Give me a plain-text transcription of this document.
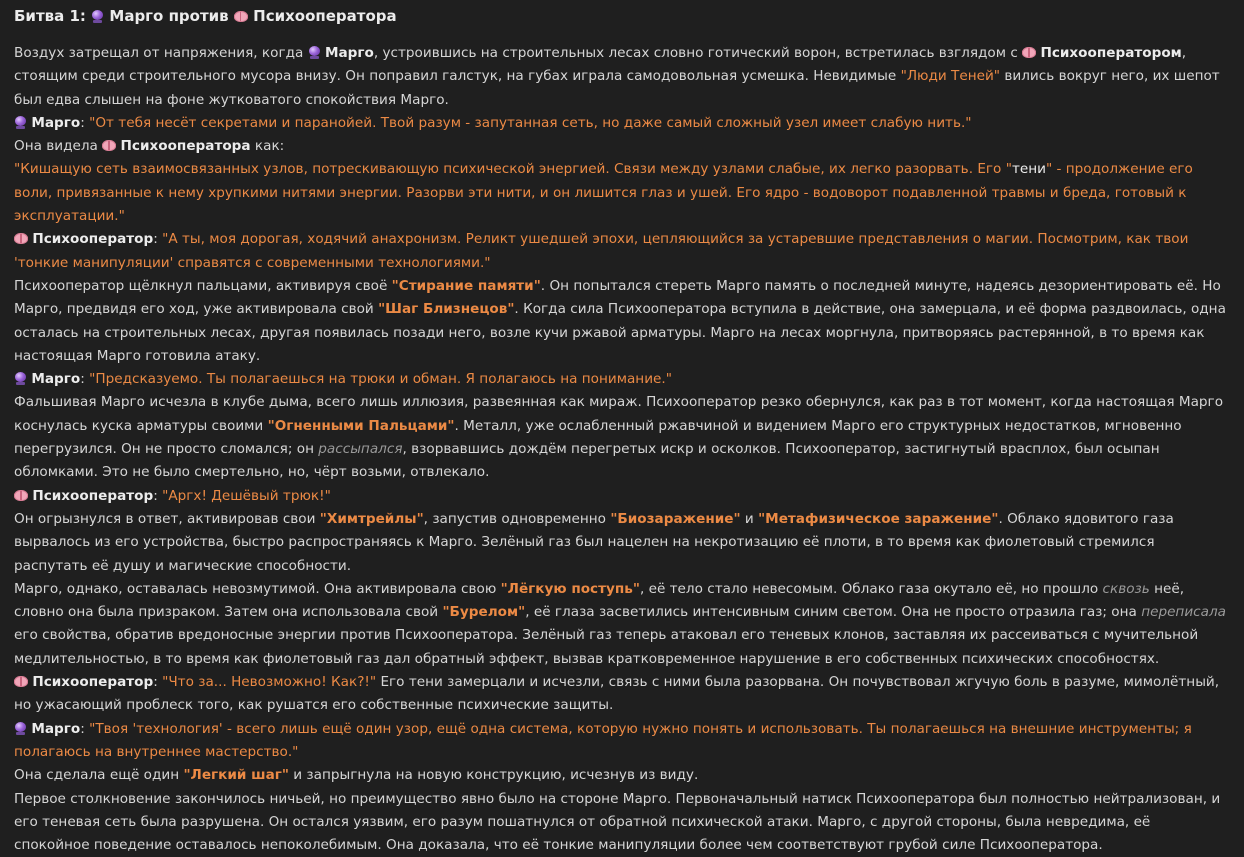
Битва 1: Марго против Психооператора

Воздух затрещал от напряжения, когда Марго, устроившись на строительных лесах словно готический ворон, встретилась взглядом с Психооператором, стоящим среди строительного мусора внизу. Он поправил галстук, на губах играла самодовольная усмешка. Невидимые "Люди Теней" вились вокруг него, их шепот был едва слышен на фоне жутковатого спокойствия Марго.

Марго: "От тебя несёт секретами и паранойей. Твой разум - запутанная сеть, но даже самый сложный узел имеет слабую нить."

Она видела Психооператора как:

"Кишащую сеть взаимосвязанных узлов, потрескивающую психической энергией. Связи между узлами слабые, их легко разорвать. Его "тени" - продолжение его воли, привязанные к нему хрупкими нитями энергии. Разорви эти нити, и он лишится глаз и ушей. Его ядро - водоворот подавленной травмы и бреда, готовый к эксплуатации."

Психооператор: "А ты, моя дорогая, ходячий анахронизм. Реликт ушедшей эпохи, цепляющийся за устаревшие представления о магии. Посмотрим, как твои 'тонкие манипуляции' справятся с современными технологиями."

Психооператор щёлкнул пальцами, активируя своё "Стирание памяти". Он попытался стереть Марго память о последней минуте, надеясь дезориентировать её. Но Марго, предвидя его ход, уже активировала свой "Шаг Близнецов". Когда сила Психооператора вступила в действие, она замерцала, и её форма раздвоилась, одна осталась на строительных лесах, другая появилась позади него, возле кучи ржавой арматуры. Марго на лесах моргнула, притворяясь растерянной, в то время как настоящая Марго готовила атаку.

Марго: "Предсказуемо. Ты полагаешься на трюки и обман. Я полагаюсь на понимание."

Фальшивая Марго исчезла в клубе дыма, всего лишь иллюзия, развеянная как мираж. Психооператор резко обернулся, как раз в тот момент, когда настоящая Марго коснулась куска арматуры своими "Огненными Пальцами". Металл, уже ослабленный ржавчиной и видением Марго его структурных недостатков, мгновенно перегрузился. Он не просто сломался; он рассыпался, взорвавшись дождём перегретых искр и осколков. Психооператор, застигнутый врасплох, был осыпан обломками. Это не было смертельно, но, чёрт возьми, отвлекало.

Психооператор: "Аргх! Дешёвый трюк!"

Он огрызнулся в ответ, активировав свои "Химтрейлы", запустив одновременно "Биозаражение" и "Метафизическое заражение". Облако ядовитого газа вырвалось из его устройства, быстро распространяясь к Марго. Зелёный газ был нацелен на некротизацию её плоти, в то время как фиолетовый стремился распутать её душу и магические способности.

Марго, однако, оставалась невозмутимой. Она активировала свою "Лёгкую поступь", её тело стало невесомым. Облако газа окутало её, но прошло сквозь неё, словно она была призраком. Затем она использовала свой "Бурелом", её глаза засветились интенсивным синим светом. Она не просто отразила газ; она переписала его свойства, обратив вредоносные энергии против Психооператора. Зелёный газ теперь атаковал его теневых клонов, заставляя их рассеиваться с мучительной медлительностью, в то время как фиолетовый газ дал обратный эффект, вызвав кратковременное нарушение в его собственных психических способностях.

Психооператор: "Что за... Невозможно! Как?!" Его тени замерцали и исчезли, связь с ними была разорвана. Он почувствовал жгучую боль в разуме, мимолётный, но ужасающий проблеск того, как рушатся его собственные психические защиты.

Марго: "Твоя 'технология' - всего лишь ещё один узор, ещё одна система, которую нужно понять и использовать. Ты полагаешься на внешние инструменты; я полагаюсь на внутреннее мастерство."

Она сделала ещё один "Легкий шаг" и запрыгнула на новую конструкцию, исчезнув из виду.

Первое столкновение закончилось ничьей, но преимущество явно было на стороне Марго. Первоначальный натиск Психооператора был полностью нейтрализован, и его теневая сеть была разрушена. Он остался уязвим, его разум пошатнулся от обратной психической атаки. Марго, с другой стороны, была невредима, её спокойное поведение оставалось непоколебимым. Она доказала, что её тонкие манипуляции более чем соответствуют грубой силе Психооператора.
